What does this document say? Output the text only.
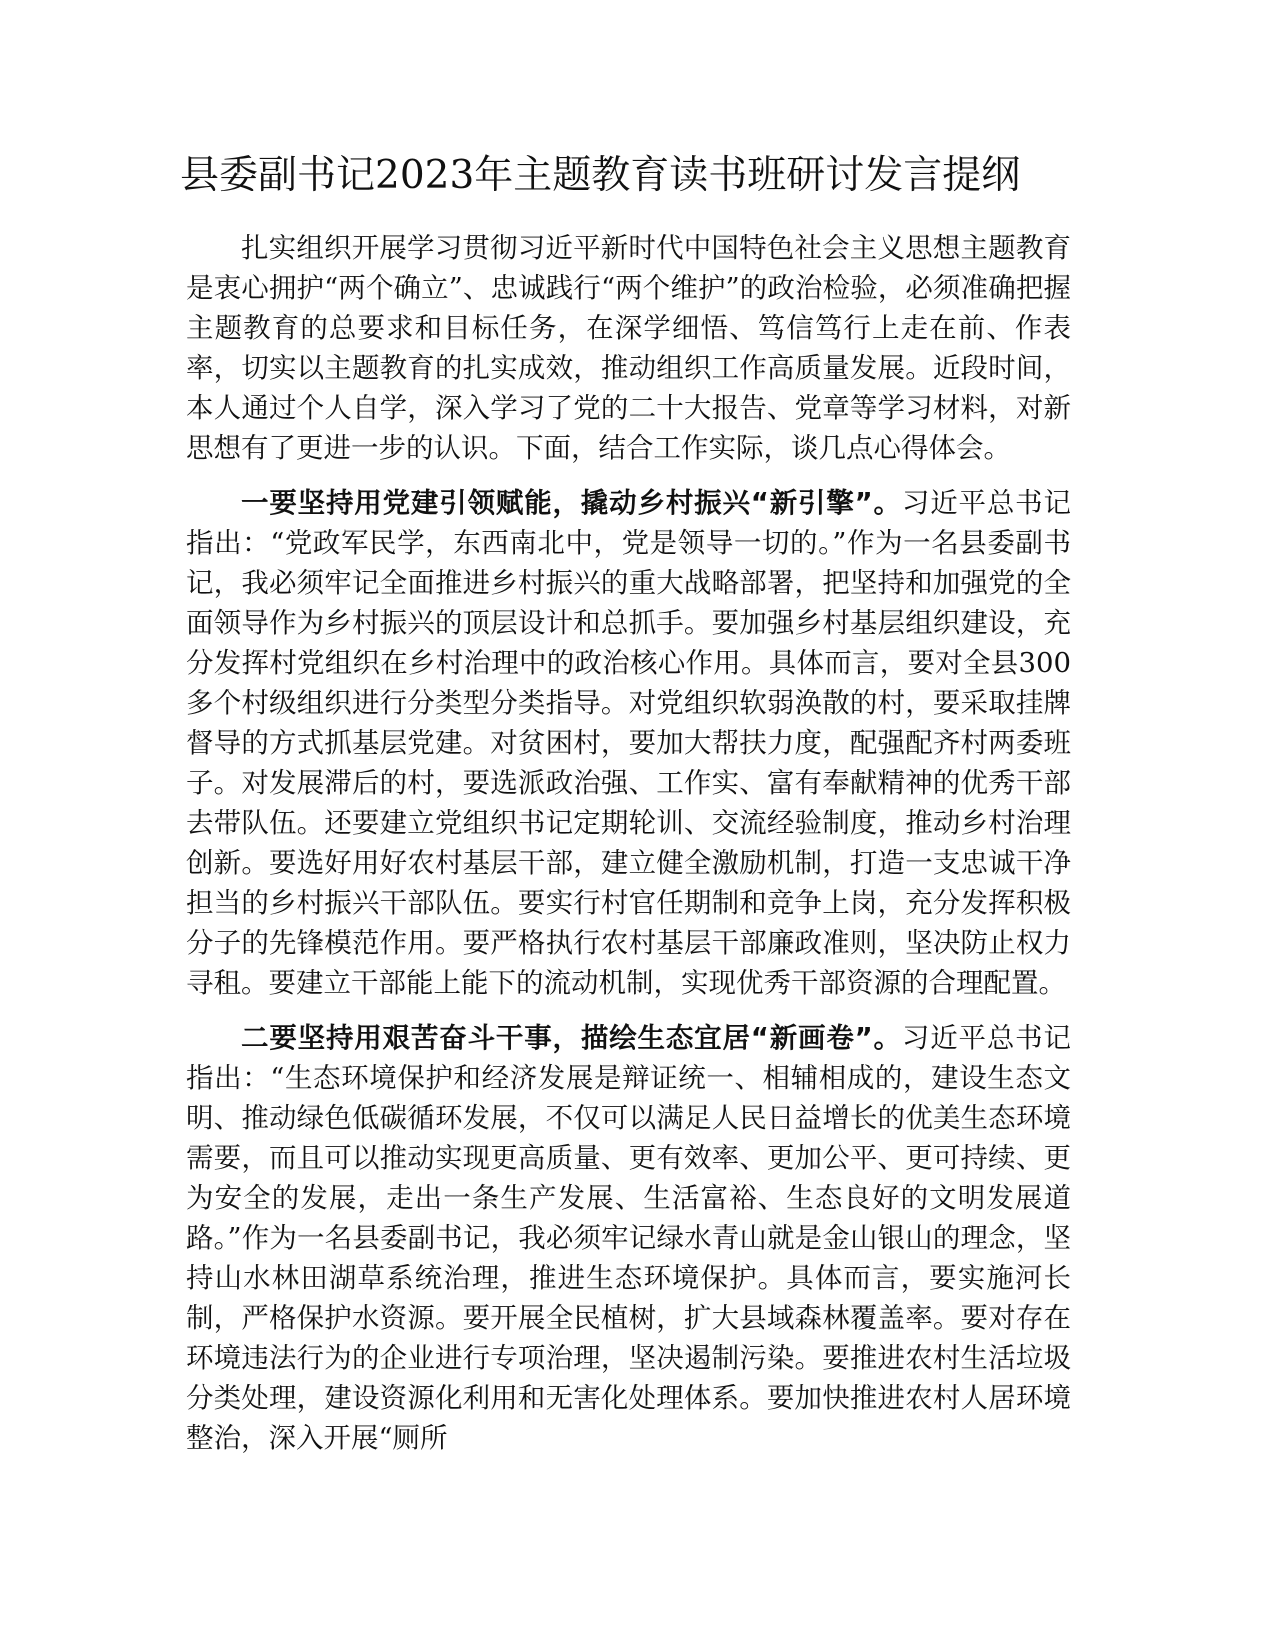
县委副书记2023年主题教育读书班研讨发言提纲

扎实组织开展学习贯彻习近平新时代中国特色社会主义思想主题教育是衷心拥护“两个确立”、忠诚践行“两个维护”的政治检验，必须准确把握主题教育的总要求和目标任务，在深学细悟、笃信笃行上走在前、作表率，切实以主题教育的扎实成效，推动组织工作高质量发展。近段时间，本人通过个人自学，深入学习了党的二十大报告、党章等学习材料，对新思想有了更进一步的认识。下面，结合工作实际，谈几点心得体会。

一要坚持用党建引领赋能，撬动乡村振兴“新引擎”。习近平总书记指出：“党政军民学，东西南北中，党是领导一切的。”作为一名县委副书记，我必须牢记全面推进乡村振兴的重大战略部署，把坚持和加强党的全面领导作为乡村振兴的顶层设计和总抓手。要加强乡村基层组织建设，充分发挥村党组织在乡村治理中的政治核心作用。具体而言，要对全县300多个村级组织进行分类型分类指导。对党组织软弱涣散的村，要采取挂牌督导的方式抓基层党建。对贫困村，要加大帮扶力度，配强配齐村两委班子。对发展滞后的村，要选派政治强、工作实、富有奉献精神的优秀干部去带队伍。还要建立党组织书记定期轮训、交流经验制度，推动乡村治理创新。要选好用好农村基层干部，建立健全激励机制，打造一支忠诚干净担当的乡村振兴干部队伍。要实行村官任期制和竞争上岗，充分发挥积极分子的先锋模范作用。要严格执行农村基层干部廉政准则，坚决防止权力寻租。要建立干部能上能下的流动机制，实现优秀干部资源的合理配置。

二要坚持用艰苦奋斗干事，描绘生态宜居“新画卷”。习近平总书记指出：“生态环境保护和经济发展是辩证统一、相辅相成的，建设生态文明、推动绿色低碳循环发展，不仅可以满足人民日益增长的优美生态环境需要，而且可以推动实现更高质量、更有效率、更加公平、更可持续、更为安全的发展，走出一条生产发展、生活富裕、生态良好的文明发展道路。”作为一名县委副书记，我必须牢记绿水青山就是金山银山的理念，坚持山水林田湖草系统治理，推进生态环境保护。具体而言，要实施河长制，严格保护水资源。要开展全民植树，扩大县域森林覆盖率。要对存在环境违法行为的企业进行专项治理，坚决遏制污染。要推进农村生活垃圾分类处理，建设资源化利用和无害化处理体系。要加快推进农村人居环境整治，深入开展“厕所
